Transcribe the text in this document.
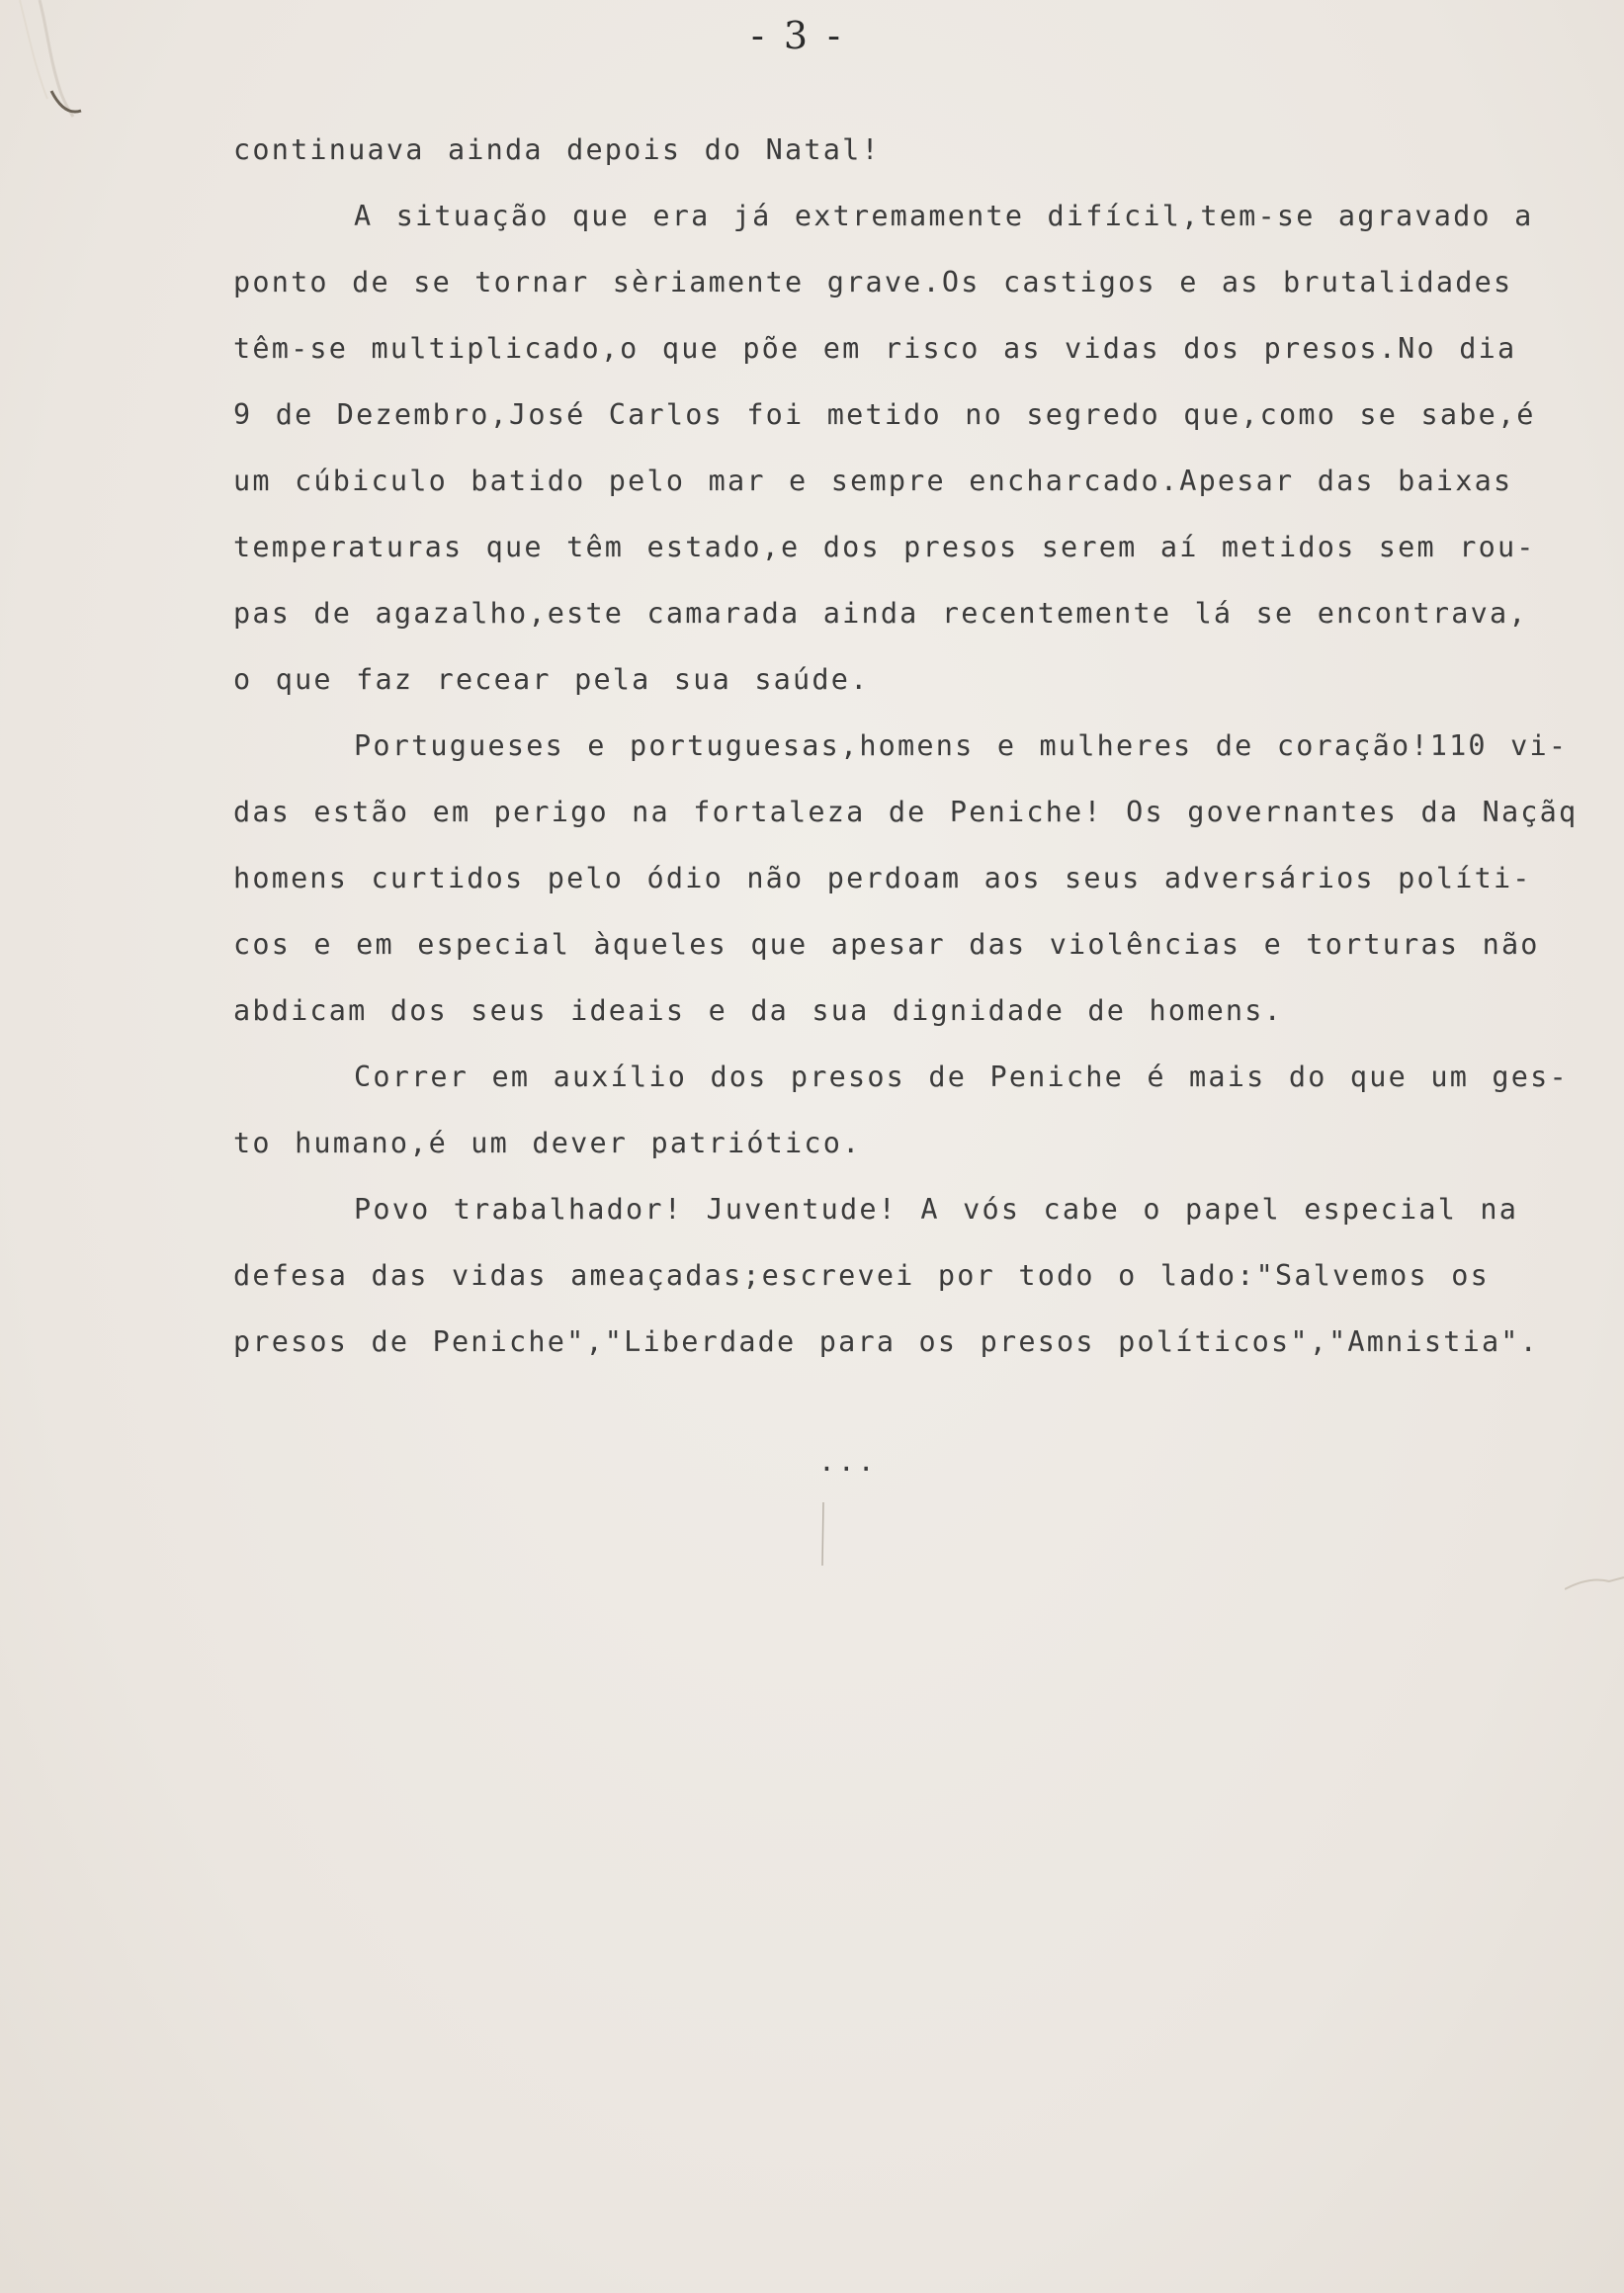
- 3 -
continuava ainda depois do Natal!
A situação que era já extremamente difícil,tem-se agravado a
ponto de se tornar sèriamente grave.Os castigos e as brutalidades
têm-se multiplicado,o que põe em risco as vidas dos presos.No dia
9 de Dezembro,José Carlos foi metido no segredo que,como se sabe,é
um cúbiculo batido pelo mar e sempre encharcado.Apesar das baixas
temperaturas que têm estado,e dos presos serem aí metidos sem rou-
pas de agazalho,este camarada ainda recentemente lá se encontrava,
o que faz recear pela sua saúde.
Portugueses e portuguesas,homens e mulheres de coração!110 vi-
das estão em perigo na fortaleza de Peniche! Os governantes da Naçãq
homens curtidos pelo ódio não perdoam aos seus adversários políti-
cos e em especial àqueles que apesar das violências e torturas não
abdicam dos seus ideais e da sua dignidade de homens.
Correr em auxílio dos presos de Peniche é mais do que um ges-
to humano,é um dever patriótico.
Povo trabalhador! Juventude! A vós cabe o papel especial na
defesa das vidas ameaçadas;escrevei por todo o lado:"Salvemos os
presos de Peniche","Liberdade para os presos políticos","Amnistia".
...
